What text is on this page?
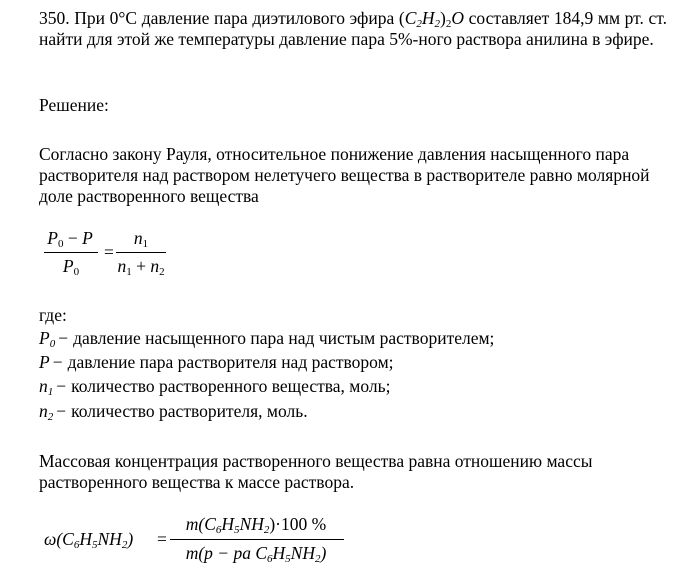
350. При 0°С давление пара диэтилового эфира $(C_2H_2)_2O$ составляет 184,9 мм рт. ст. найти для этой же температуры давление пара 5%-ного раствора анилина в эфире.
Решение:
Согласно закону Рауля, относительное понижение давления насыщенного пара растворителя над раствором нелетучего вещества в растворителе равно молярной доле растворенного вещества
$P_0 - P$
$P_0$
=
$n_1$
$n_1 + n_2$
где:
$P_0$ − давление насыщенного пара над чистым растворителем;
P − давление пара растворителя над раствором;
$n_1$ − количество растворенного вещества, моль;
$n_2$ − количество растворителя, моль.
Массовая концентрация растворенного вещества равна отношению массы растворенного вещества к массе раствора.
$\omega(C_6H_5NH_2)$ =
$m(C_6H_5NH_2)\cdot 100$ %
m(p − pa $C_6H_5NH_2$)
